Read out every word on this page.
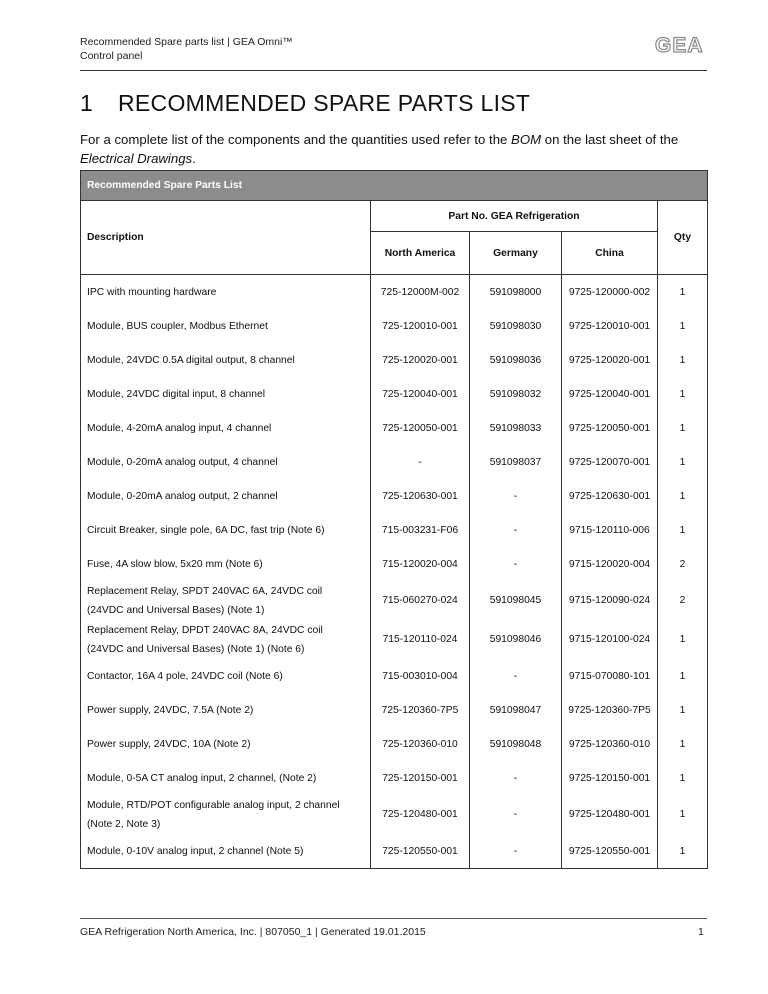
Recommended Spare parts list | GEA Omni™
Control panel	GEA
1 RECOMMENDED SPARE PARTS LIST
For a complete list of the components and the quantities used refer to the BOM on the last sheet of the Electrical Drawings.
Recommended Spare Parts List				
Description	Part No. GEA Refrigeration			Qty
	North America	Germany	China	

IPC with mounting hardware	725-12000M-002	591098000	9725-120000-002	1

Module, BUS coupler, Modbus Ethernet	725-120010-001	591098030	9725-120010-001	1

Module, 24VDC 0.5A digital output, 8 channel	725-120020-001	591098036	9725-120020-001	1

Module, 24VDC digital input, 8 channel	725-120040-001	591098032	9725-120040-001	1

Module, 4-20mA analog input, 4 channel	725-120050-001	591098033	9725-120050-001	1

Module, 0-20mA analog output, 4 channel	-	591098037	9725-120070-001	1

Module, 0-20mA analog output, 2 channel	725-120630-001	-	9725-120630-001	1

Circuit Breaker, single pole, 6A DC, fast trip (Note 6)	715-003231-F06	-	9715-120110-006	1

Fuse, 4A slow blow, 5x20 mm (Note 6)	715-120020-004	-	9715-120020-004	2

Replacement Relay, SPDT 240VAC 6A, 24VDC coil
(24VDC and Universal Bases) (Note 1)	715-060270-024	591098045	9715-120090-024	2

Replacement Relay, DPDT 240VAC 8A, 24VDC coil
(24VDC and Universal Bases) (Note 1) (Note 6)	715-120110-024	591098046	9715-120100-024	1

Contactor, 16A 4 pole, 24VDC coil (Note 6)	715-003010-004	-	9715-070080-101	1

Power supply, 24VDC, 7.5A (Note 2)	725-120360-7P5	591098047	9725-120360-7P5	1

Power supply, 24VDC, 10A (Note 2)	725-120360-010	591098048	9725-120360-010	1

Module, 0-5A CT analog input, 2 channel, (Note 2)	725-120150-001	-	9725-120150-001	1

Module, RTD/POT configurable analog input, 2 channel
(Note 2, Note 3)	725-120480-001	-	9725-120480-001	1

Module, 0-10V analog input, 2 channel (Note 5)	725-120550-001	-	9725-120550-001	1
GEA Refrigeration North America, Inc. | 807050_1 | Generated 19.01.2015	1
